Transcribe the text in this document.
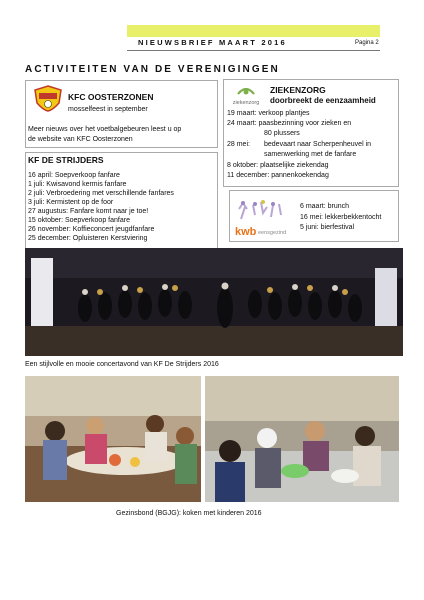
NIEUWSBRIEF MAART 2016	Pagina 2
ACTIVITEITEN VAN DE VERENIGINGEN
KFC OOSTERZONEN
mosselfeest in september
Meer nieuws over het voetbalgebeuren leest u op
de website van KFC Oosterzonen
KF DE STRIJDERS
16 april: Soepverkoop fanfare
1 juli: Kwisavond kermis fanfare
2 juli: Verbroedering met verschillende fanfares
3 juli: Kermistent op de foor
27 augustus: Fanfare komt naar je toe!
15 oktober: Soepverkoop fanfare
26 november: Koffieconcert jeugdfanfare
25 december: Opluisteren Kerstviering
ziekenzorg
ZIEKENZORG
doorbreekt de eenzaamheid
19 maart: verkoop plantjes
24 maart: paasbezinning voor zieken en
80 plussers
28 mei: bedevaart naar Scherpenheuvel in
samenwerking met de fanfare
8 oktober: plaatselijke ziekendag
11 december: pannenkoekendag
kwb eensgezind
6 maart: brunch
16 mei: lekkerbekkentocht
5 juni: bierfestival
Een stijlvolle en mooie concertavond van KF De Strijders 2016
Gezinsbond (BGJG): koken met kinderen 2016
